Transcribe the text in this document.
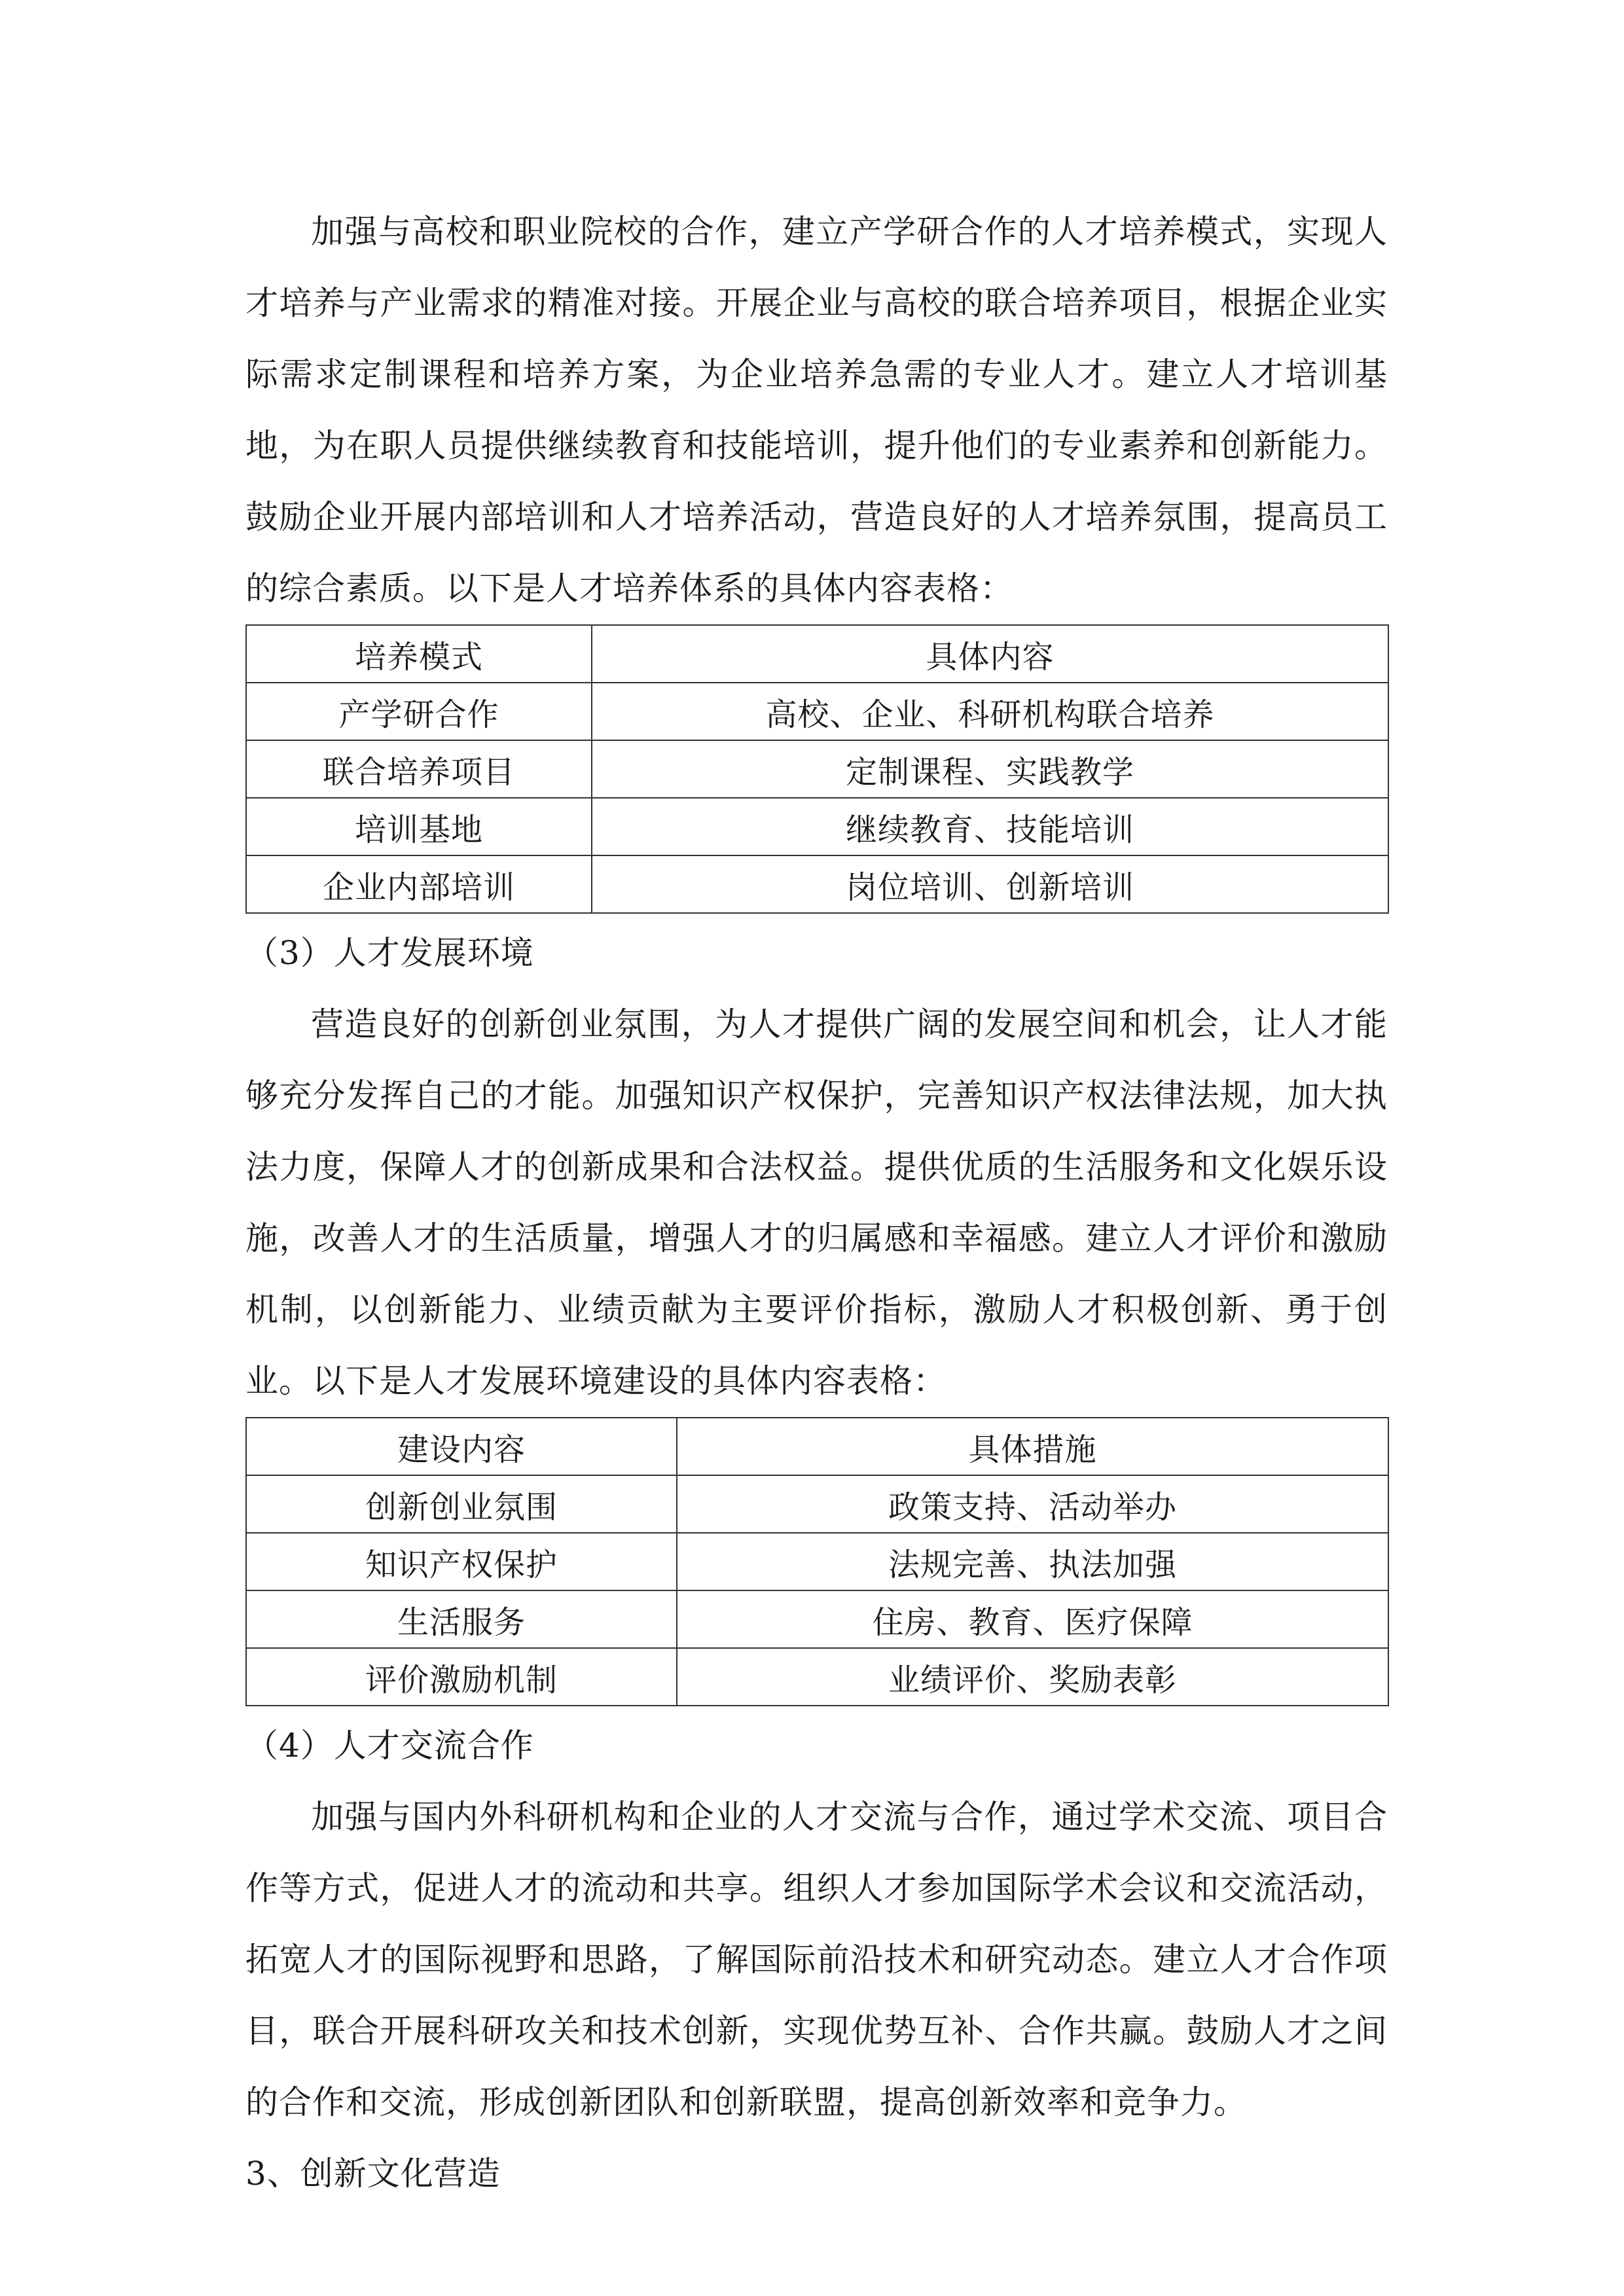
加强与高校和职业院校的合作，建立产学研合作的人才培养模式，实现人才培养与产业需求的精准对接。开展企业与高校的联合培养项目，根据企业实际需求定制课程和培养方案，为企业培养急需的专业人才。建立人才培训基地，为在职人员提供继续教育和技能培训，提升他们的专业素养和创新能力。鼓励企业开展内部培训和人才培养活动，营造良好的人才培养氛围，提高员工的综合素质。以下是人才培养体系的具体内容表格：

培养模式	具体内容
产学研合作	高校、企业、科研机构联合培养
联合培养项目	定制课程、实践教学
培训基地	继续教育、技能培训
企业内部培训	岗位培训、创新培训

（3）人才发展环境

营造良好的创新创业氛围，为人才提供广阔的发展空间和机会，让人才能够充分发挥自己的才能。加强知识产权保护，完善知识产权法律法规，加大执法力度，保障人才的创新成果和合法权益。提供优质的生活服务和文化娱乐设施，改善人才的生活质量，增强人才的归属感和幸福感。建立人才评价和激励机制，以创新能力、业绩贡献为主要评价指标，激励人才积极创新、勇于创业。以下是人才发展环境建设的具体内容表格：

建设内容	具体措施
创新创业氛围	政策支持、活动举办
知识产权保护	法规完善、执法加强
生活服务	住房、教育、医疗保障
评价激励机制	业绩评价、奖励表彰

（4）人才交流合作

加强与国内外科研机构和企业的人才交流与合作，通过学术交流、项目合作等方式，促进人才的流动和共享。组织人才参加国际学术会议和交流活动，拓宽人才的国际视野和思路，了解国际前沿技术和研究动态。建立人才合作项目，联合开展科研攻关和技术创新，实现优势互补、合作共赢。鼓励人才之间的合作和交流，形成创新团队和创新联盟，提高创新效率和竞争力。

3、创新文化营造
